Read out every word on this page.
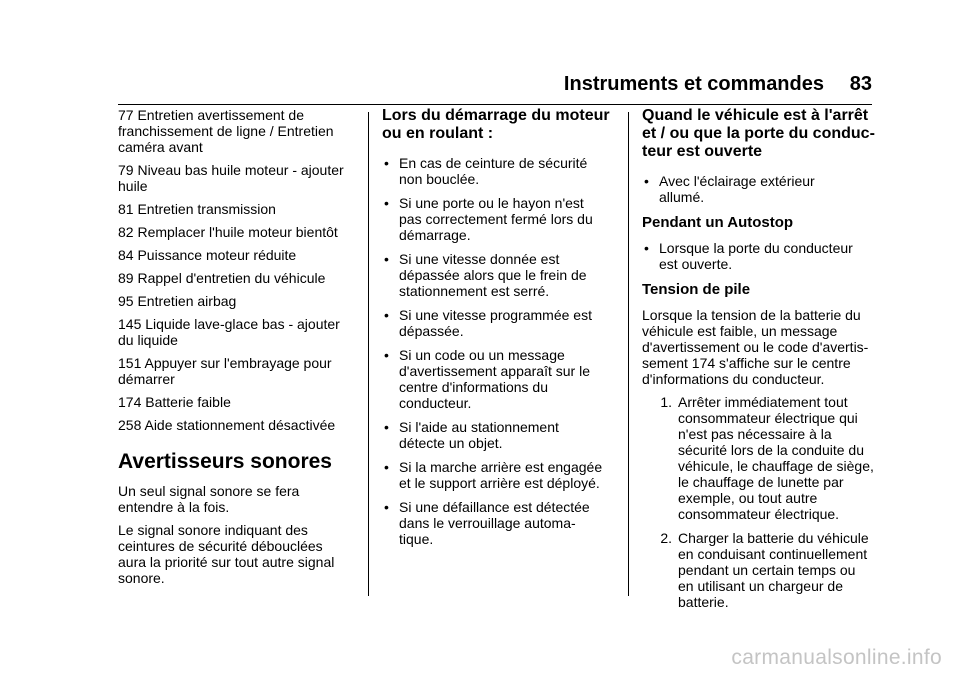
Instruments et commandes 83

77 Entretien avertissement de
franchissement de ligne / Entretien
caméra avant

79 Niveau bas huile moteur - ajouter
huile

81 Entretien transmission

82 Remplacer l'huile moteur bientôt

84 Puissance moteur réduite

89 Rappel d'entretien du véhicule

95 Entretien airbag

145 Liquide lave-glace bas - ajouter
du liquide

151 Appuyer sur l'embrayage pour
démarrer

174 Batterie faible

258 Aide stationnement désactivée

Avertisseurs sonores

Un seul signal sonore se fera
entendre à la fois.

Le signal sonore indiquant des
ceintures de sécurité débouclées
aura la priorité sur tout autre signal
sonore.

Lors du démarrage du moteur
ou en roulant :
• En cas de ceinture de sécurité
non bouclée.
• Si une porte ou le hayon n'est
pas correctement fermé lors du
démarrage.
• Si une vitesse donnée est
dépassée alors que le frein de
stationnement est serré.
• Si une vitesse programmée est
dépassée.
• Si un code ou un message
d'avertissement apparaît sur le
centre d'informations du
conducteur.
• Si l'aide au stationnement
détecte un objet.
• Si la marche arrière est engagée
et le support arrière est déployé.
• Si une défaillance est détectée
dans le verrouillage automa-
tique.
Quand le véhicule est à l'arrêt
et / ou que la porte du conduc-
teur est ouverte
• Avec l'éclairage extérieur
allumé.
Pendant un Autostop
• Lorsque la porte du conducteur
est ouverte.
Tension de pile

Lorsque la tension de la batterie du
véhicule est faible, un message
d'avertissement ou le code d'avertis-
sement 174 s'affiche sur le centre
d'informations du conducteur.

1. Arrêter immédiatement tout
consommateur électrique qui
n'est pas nécessaire à la
sécurité lors de la conduite du
véhicule, le chauffage de siège,
le chauffage de lunette par
exemple, ou tout autre
consommateur électrique.
2. Charger la batterie du véhicule
en conduisant continuellement
pendant un certain temps ou
en utilisant un chargeur de
batterie.
carmanualsonline.info
